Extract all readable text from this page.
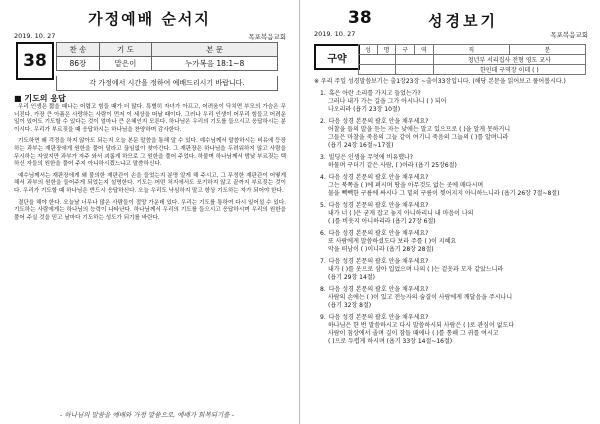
가정예배 순서지
2019. 10. 27	목포복음교회
38
찬 송	기 도	본 문
86장	맡은이	누가복음 18:1~8
각 가정에서 시간을 정하여 예배드리시기 바랍니다.
■ 기도의 응답

우리 인생은 짧을 때나는 어렵고 힘들 때가 더 많다. 특별히 자녀가 아프고, 어려움이 닥치면 부모의 가슴은 무너진다. 가장 큰 아픔은 사랑하는 사람이 먼저 이 세상을 떠날 때이다. 그러나 우리 인생이 어무리 힘들고 어려운 일이 있어도 기도할 수 있다는 것이 얼마나 큰 은혜인지 모른다. 하나님은 우리의 기도를 들으시고 응답하시는 분이시다. 우리가 부르짖을 때 응답하시는 하나님을 찬양하며 감사한다.

기도하면 왜 걱정을 하지 않아도 되는지 오늘 본문 말씀을 통해 알 수 있다. 예수님께서 말씀하시는 비유에 등장하는 과부는 재판장에게 원한을 풀어 달라고 끊임없이 찾아간다. 그 재판장은 하나님을 두려워하지 않고 사람을 무시하는 자였지만 과부가 자주 와서 괴롭게 하므로 그 원한을 풀어 주었다. 하물며 하나님께서 밤낮 부르짖는 택하신 자들의 원한을 풀어 주지 아니하시겠느냐고 말씀하신다.

예수님께서는 재판장에게 왜 불의한 재판관이 손을 들었는지 분명 알게 해 주시고, 그 무정한 재판관이 어떻게 해서 과부의 원한을 들어주게 되었는지 설명한다. 기도는 어떤 처지에서도 포기하지 않고 끝까지 부르짖는 것이다. 우리가 기도할 때 하나님은 반드시 응답하신다. 오늘 우리도 낙심하지 말고 항상 기도하는 자가 되어야 한다.

결단을 해야 한다. 오늘날 너무나 많은 사람들이 절망 가운데 있다. 우리는 기도를 통하여 다시 일어설 수 있다. 기도하는 사람에게는 하나님의 능력이 나타난다. 하나님께서 우리의 기도를 들으시고 응답하시며 우리의 원한을 풀어 주실 것을 믿고 날마다 기도하는 성도가 되기를 바란다.

- 하나님의 말씀을 예배와 가정 말씀으로, 예배가 회복되기를 -
38	성경보기
2019. 10. 27	목포복음교회
구약
성	명	구	역	직	분
				청년부 서리집사 전형 영도 교사	
				한인데 구역장 이데 ( )	
※ 우리 주일 성경말씀보기는 출1장23장 ~출이33장입니다. (해당 본문을 읽어보고 풀어봅시다.)
1. 혹은 아란 소리를 가지고 들었는가?
그러나 내가 가는 길을 그가 아시나니 ( ) 되어
나오리라 (욥기 23장 10절)
2. 다음 성경 본문의 괄호 안을 채우세요?
어찰을 들의 말을 듣는 자는 낮에는 말고 있으므로 ( )을 알게 못하거니
그들은 마찰을 죽음의 그늘 같이 여기니 죽음의 그늘의 ( )를 알며니라
(욥기 24장 16절~17절)
3. 빌딩은 인생을 무엇에 비유했나?
하물며 구더기 같은 사람, ( )이라 (욥기 25장6절)
4. 다음 성경 본문의 괄호 안을 채우세요?
그는 북쪽을 ( )에 펴시며 땅을 아무것도 없는 곳에 매다시며
물을 빽빽한 구름에 싸시나 그 밑의 구름이 찢어지지 아니하느니라 (욥기 26장 7절~8절)
5. 다음 성경 본문의 괄호 안을 채우세요?
내가 너 ( )은 굳게 잡고 놓지 아니하리니 내 마음이 나의
( )를 비웃지 아니하리라 (욥기 27장 6절)
6. 다음 성경 본문의 괄호 안을 채우세요?
또 사람에게 말씀하셨도다 보라 주를 ( )이 지혜요
악을 떠남이 ( )이니라 (욥기 28장 28절)
7. 다음 성경 본문의 괄호 안을 채우세요?
내가 ( )를 옷으로 삼아 입었으며 나의 ( )는 겉옷과 모자 같았느니라
(욥기 29장 14절)
8. 다음 성경 본문의 괄호 안을 채우세요?
사람의 손에는 ( )이 있고 전능자의 숨결이 사람에게 깨달음을 주시나니
(욥기 32장 8절)
9. 다음 성경 본문의 괄호 안을 채우세요?
하나님은 한 번 말씀하시고 다시 말씀하시되 사람은 ( )로 관심이 없도다
사람이 침상에서 졸며 깊이 잠들 때에나 ( )를 통해 그 귀를 여시고
( )으로 두렵게 하시며 (욥기 33장 14절~16절)
